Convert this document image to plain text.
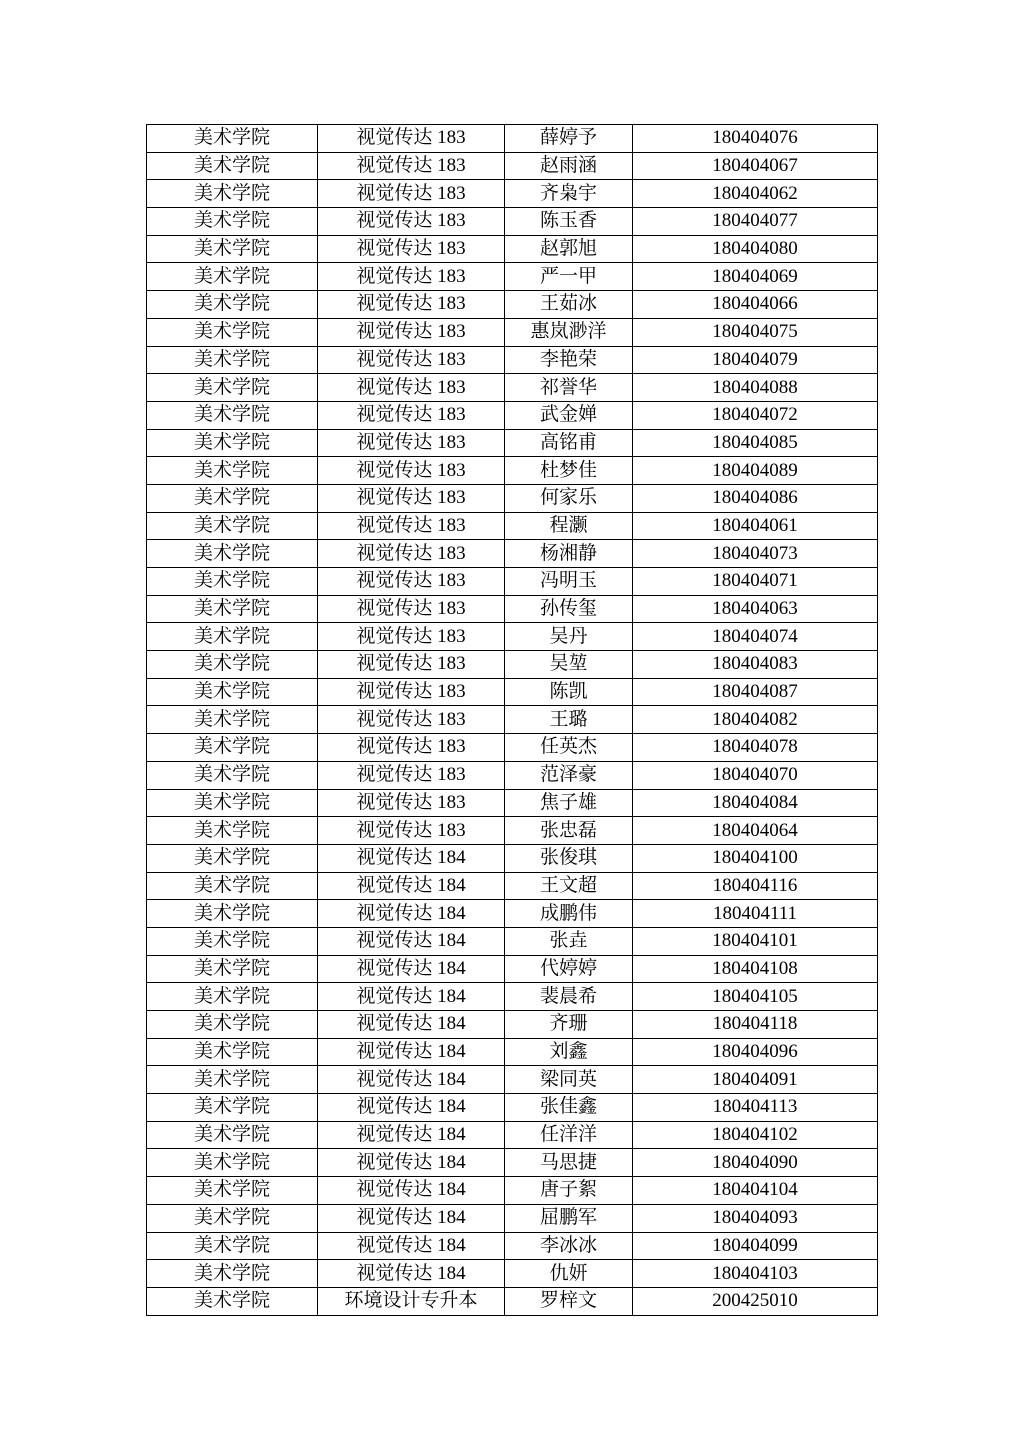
美术学院	视觉传达 183	薛婷予	180404076
美术学院	视觉传达 183	赵雨涵	180404067
美术学院	视觉传达 183	齐枭宇	180404062
美术学院	视觉传达 183	陈玉香	180404077
美术学院	视觉传达 183	赵郭旭	180404080
美术学院	视觉传达 183	严一甲	180404069
美术学院	视觉传达 183	王茹冰	180404066
美术学院	视觉传达 183	惠岚渺洋	180404075
美术学院	视觉传达 183	李艳荣	180404079
美术学院	视觉传达 183	祁誉华	180404088
美术学院	视觉传达 183	武金婵	180404072
美术学院	视觉传达 183	高铭甫	180404085
美术学院	视觉传达 183	杜梦佳	180404089
美术学院	视觉传达 183	何家乐	180404086
美术学院	视觉传达 183	程灏	180404061
美术学院	视觉传达 183	杨湘静	180404073
美术学院	视觉传达 183	冯明玉	180404071
美术学院	视觉传达 183	孙传玺	180404063
美术学院	视觉传达 183	吴丹	180404074
美术学院	视觉传达 183	吴堃	180404083
美术学院	视觉传达 183	陈凯	180404087
美术学院	视觉传达 183	王璐	180404082
美术学院	视觉传达 183	任英杰	180404078
美术学院	视觉传达 183	范泽豪	180404070
美术学院	视觉传达 183	焦子雄	180404084
美术学院	视觉传达 183	张忠磊	180404064
美术学院	视觉传达 184	张俊琪	180404100
美术学院	视觉传达 184	王文超	180404116
美术学院	视觉传达 184	成鹏伟	180404111
美术学院	视觉传达 184	张垚	180404101
美术学院	视觉传达 184	代婷婷	180404108
美术学院	视觉传达 184	裴晨希	180404105
美术学院	视觉传达 184	齐珊	180404118
美术学院	视觉传达 184	刘鑫	180404096
美术学院	视觉传达 184	梁同英	180404091
美术学院	视觉传达 184	张佳鑫	180404113
美术学院	视觉传达 184	任洋洋	180404102
美术学院	视觉传达 184	马思捷	180404090
美术学院	视觉传达 184	唐子絮	180404104
美术学院	视觉传达 184	屈鹏军	180404093
美术学院	视觉传达 184	李冰冰	180404099
美术学院	视觉传达 184	仇妍	180404103
美术学院	环境设计专升本	罗梓文	200425010
